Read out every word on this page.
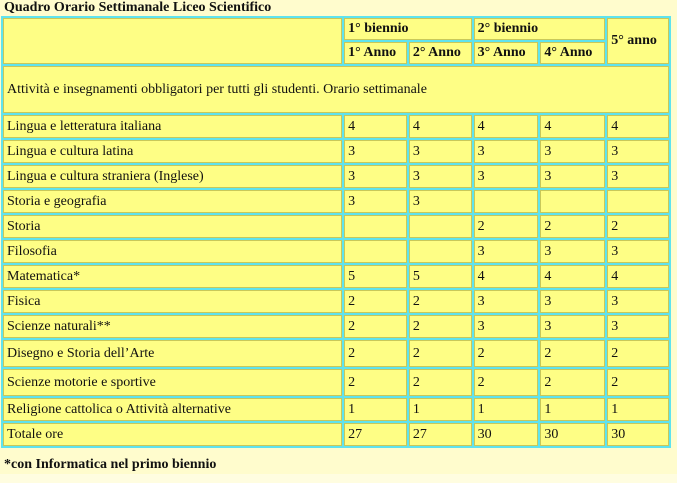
Quadro Orario Settimanale Liceo Scientifico
	1° biennio		2° biennio		5° anno
	1° Anno	2° Anno	3° Anno	4° Anno	
Attività e insegnamenti obbligatori per tutti gli studenti. Orario settimanale					
Lingua e letteratura italiana	4	4	4	4	4
Lingua e cultura latina	3	3	3	3	3
Lingua e cultura straniera (Inglese)	3	3	3	3	3
Storia e geografia	3	3			
Storia			2	2	2
Filosofia			3	3	3
Matematica*	5	5	4	4	4
Fisica	2	2	3	3	3
Scienze naturali**	2	2	3	3	3
Disegno e Storia dell’Arte	2	2	2	2	2
Scienze motorie e sportive	2	2	2	2	2
Religione cattolica o Attività alternative	1	1	1	1	1
Totale ore	27	27	30	30	30
*con Informatica nel primo biennio
